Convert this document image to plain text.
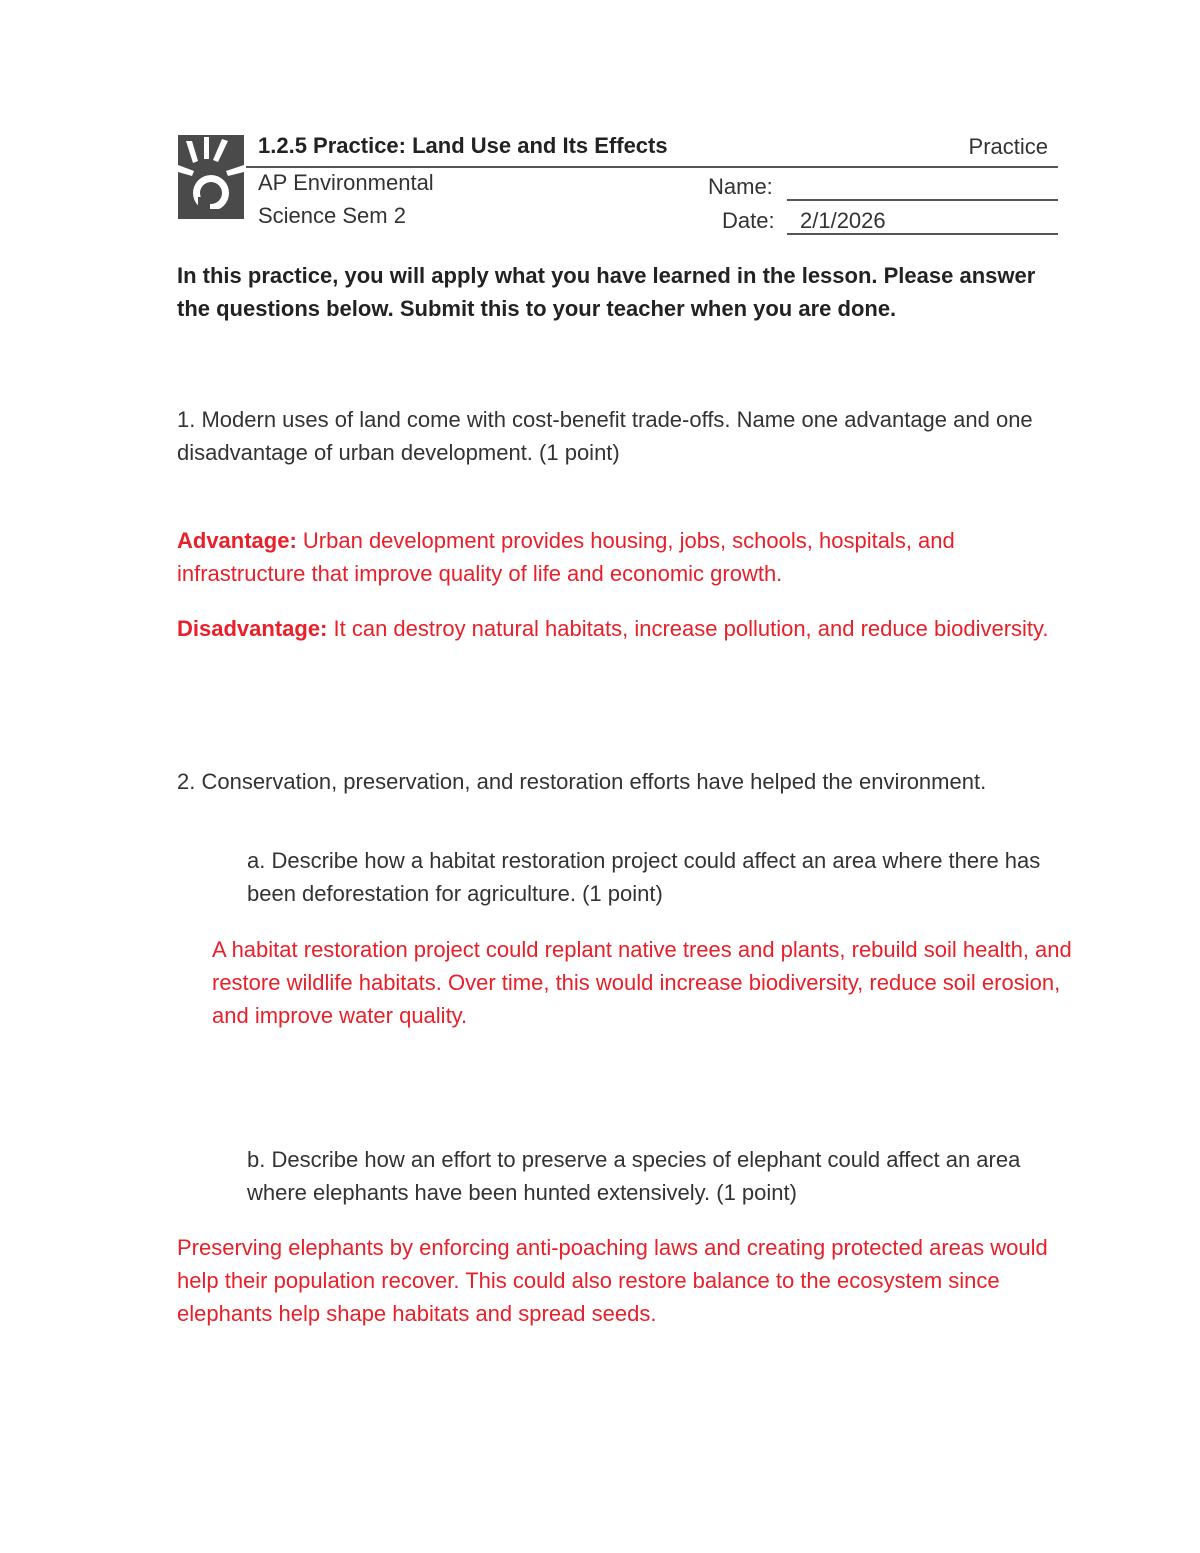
1.2.5 Practice: Land Use and Its Effects	Practice
AP Environmental
Science Sem 2
Name:
Date: 2/1/2026
In this practice, you will apply what you have learned in the lesson. Please answer the questions below. Submit this to your teacher when you are done.
1. Modern uses of land come with cost-benefit trade-offs. Name one advantage and one disadvantage of urban development. (1 point)
Advantage: Urban development provides housing, jobs, schools, hospitals, and infrastructure that improve quality of life and economic growth.
Disadvantage: It can destroy natural habitats, increase pollution, and reduce biodiversity.
2. Conservation, preservation, and restoration efforts have helped the environment.
a. Describe how a habitat restoration project could affect an area where there has been deforestation for agriculture. (1 point)
A habitat restoration project could replant native trees and plants, rebuild soil health, and restore wildlife habitats. Over time, this would increase biodiversity, reduce soil erosion, and improve water quality.
b. Describe how an effort to preserve a species of elephant could affect an area where elephants have been hunted extensively. (1 point)
Preserving elephants by enforcing anti-poaching laws and creating protected areas would help their population recover. This could also restore balance to the ecosystem since elephants help shape habitats and spread seeds.
